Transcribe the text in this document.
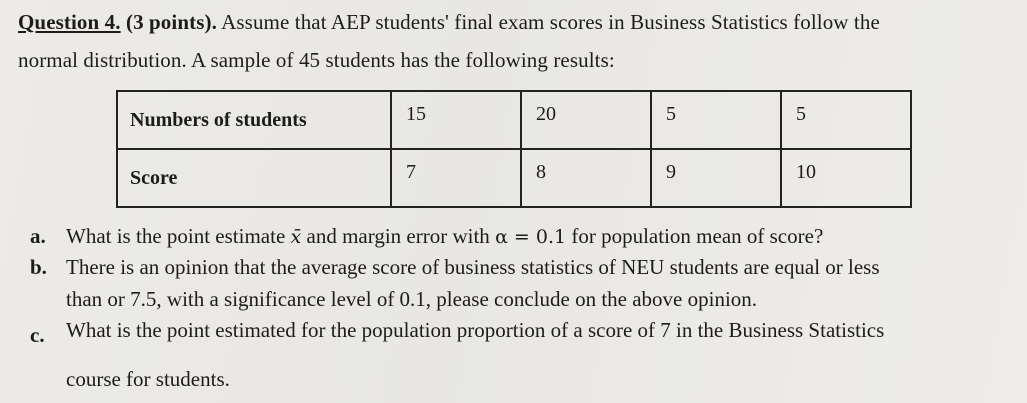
Question 4. (3 points). Assume that AEP students' final exam scores in Business Statistics follow the
normal distribution. A sample of 45 students has the following results:
Numbers of students	15	20	5	5
Score	7	8	9	10
a. What is the point estimate x̄ and margin error with α = 0.1 for population mean of score?
b. There is an opinion that the average score of business statistics of NEU students are equal or less
than or 7.5, with a significance level of 0.1, please conclude on the above opinion.
c. What is the point estimated for the population proportion of a score of 7 in the Business Statistics
course for students.
